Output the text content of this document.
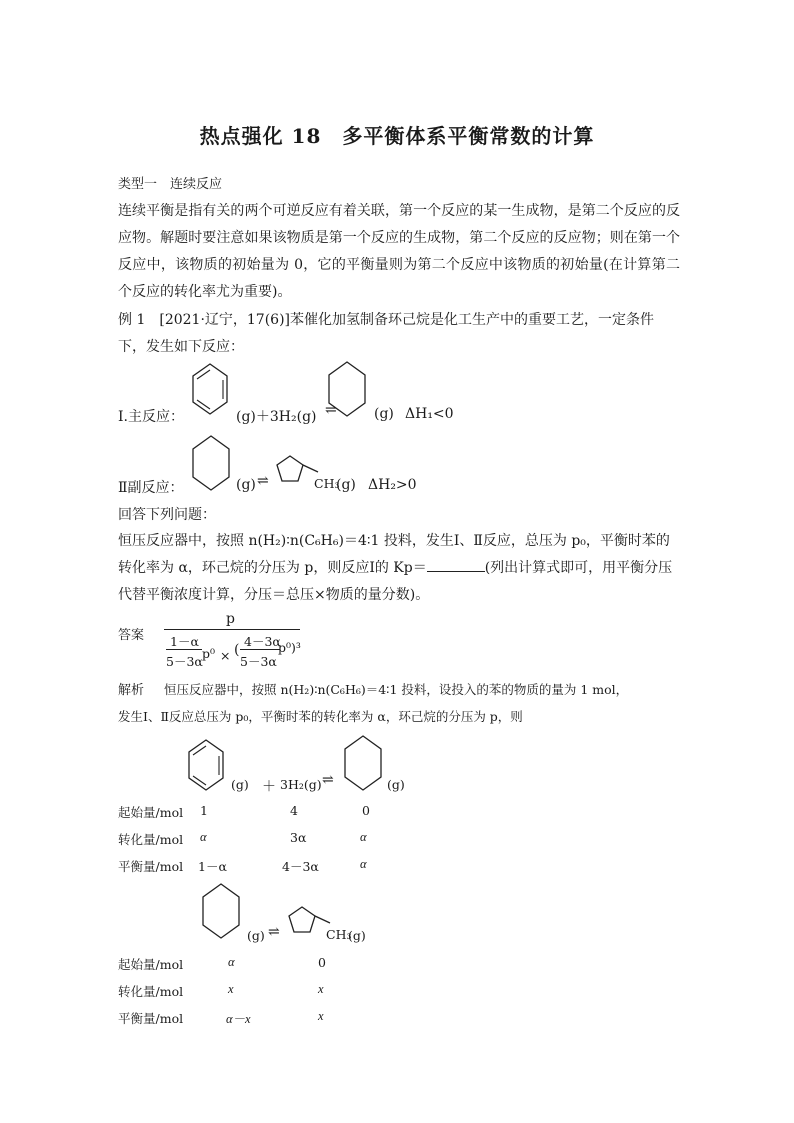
热点强化 18　多平衡体系平衡常数的计算
类型一　连续反应
连续平衡是指有关的两个可逆反应有着关联，第一个反应的某一生成物，是第二个反应的反应物。解题时要注意如果该物质是第一个反应的生成物，第二个反应的反应物；则在第一个反应中，该物质的初始量为 0，它的平衡量则为第二个反应中该物质的初始量(在计算第二个反应的转化率尤为重要)。
例 1　 [2021·辽宁，17(6)]苯催化加氢制备环己烷是化工生产中的重要工艺，一定条件下，发生如下反应：
Ⅰ.主反应：	(g)＋3H₂(g) ⇌	(g) ΔH₁<0
Ⅱ副反应：	(g) ⇌	CH₃
(g) ΔH₂>0
回答下列问题：
恒压反应器中，按照 n(H₂)∶n(C₆H₆)＝4∶1 投料，发生Ⅰ、Ⅱ反应，总压为 p₀，平衡时苯的转化率为 α，环己烷的分压为 p，则反应Ⅰ的 Kp＝	(列出计算式即可，用平衡分压代替平衡浓度计算，分压＝总压×物质的量分数)。
答案
p
1－α
5－3α
p⁰ × (
4－3α
5－3α
p⁰)³
解析 恒压反应器中，按照 n(H₂)∶n(C₆H₆)＝4∶1 投料，设投入的苯的物质的量为 1 mol，
发生Ⅰ、Ⅱ反应总压为 p₀，平衡时苯的转化率为 α，环己烷的分压为 p，则
(g) ＋ 3H₂(g) ⇌	(g)
起始量/mol 1	4	0
转化量/mol α	3α	α
平衡量/mol 1－α	4－3α	α
(g) ⇌	CH₃
(g)
起始量/mol	α	0
转化量/mol	x	x
平衡量/mol	α－x	x
